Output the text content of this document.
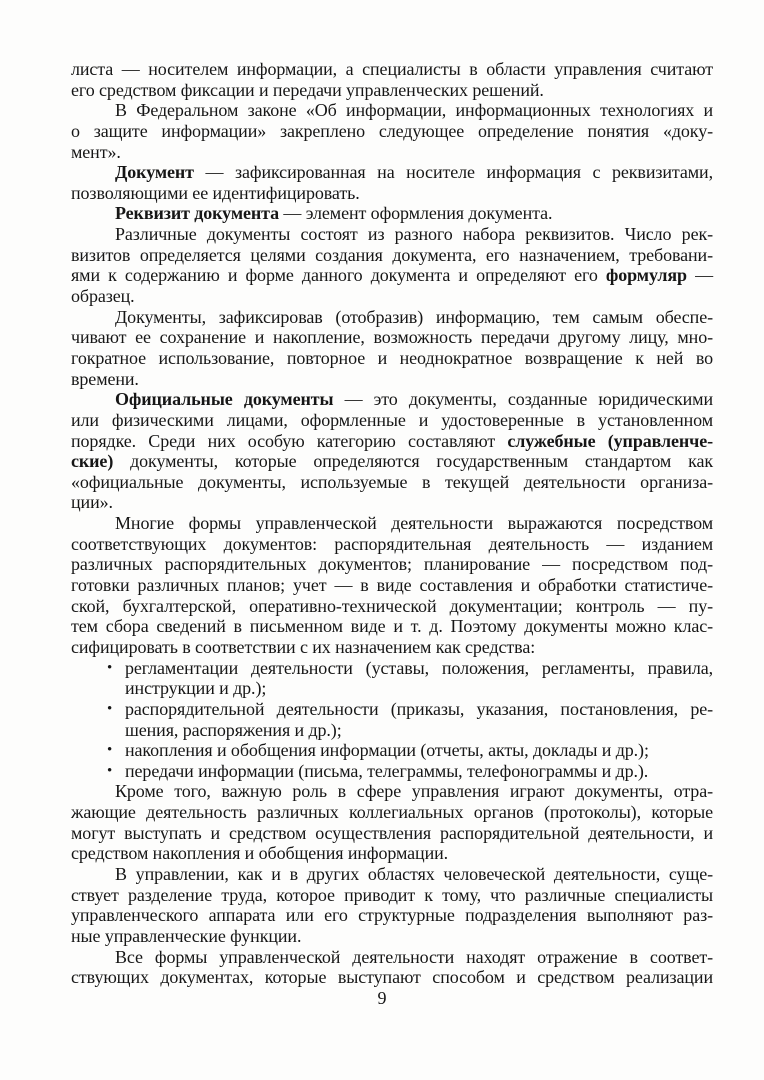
листа — носителем информации, а специалисты в области управления считают
его средством фиксации и передачи управленческих решений.
В Федеральном законе «Об информации, информационных технологиях и
о защите информации» закреплено следующее определение понятия «доку-
мент».
Документ — зафиксированная на носителе информация с реквизитами,
позволяющими ее идентифицировать.
Реквизит документа — элемент оформления документа.
Различные документы состоят из разного набора реквизитов. Число рек-
визитов определяется целями создания документа, его назначением, требовани-
ями к содержанию и форме данного документа и определяют его формуляр —
образец.
Документы, зафиксировав (отобразив) информацию, тем самым обеспе-
чивают ее сохранение и накопление, возможность передачи другому лицу, мно-
гократное использование, повторное и неоднократное возвращение к ней во
времени.
Официальные документы — это документы, созданные юридическими
или физическими лицами, оформленные и удостоверенные в установленном
порядке. Среди них особую категорию составляют служебные (управленче-
ские) документы, которые определяются государственным стандартом как
«официальные документы, используемые в текущей деятельности организа-
ции».
Многие формы управленческой деятельности выражаются посредством
соответствующих документов: распорядительная деятельность — изданием
различных распорядительных документов; планирование — посредством под-
готовки различных планов; учет — в виде составления и обработки статистиче-
ской, бухгалтерской, оперативно-технической документации; контроль — пу-
тем сбора сведений в письменном виде и т. д. Поэтому документы можно клас-
сифицировать в соответствии с их назначением как средства:
• регламентации деятельности (уставы, положения, регламенты, правила,
инструкции и др.);
• распорядительной деятельности (приказы, указания, постановления, ре-
шения, распоряжения и др.);
• накопления и обобщения информации (отчеты, акты, доклады и др.);
• передачи информации (письма, телеграммы, телефонограммы и др.).
Кроме того, важную роль в сфере управления играют документы, отра-
жающие деятельность различных коллегиальных органов (протоколы), которые
могут выступать и средством осуществления распорядительной деятельности, и
средством накопления и обобщения информации.
В управлении, как и в других областях человеческой деятельности, суще-
ствует разделение труда, которое приводит к тому, что различные специалисты
управленческого аппарата или его структурные подразделения выполняют раз-
ные управленческие функции.
Все формы управленческой деятельности находят отражение в соответ-
ствующих документах, которые выступают способом и средством реализации
9
